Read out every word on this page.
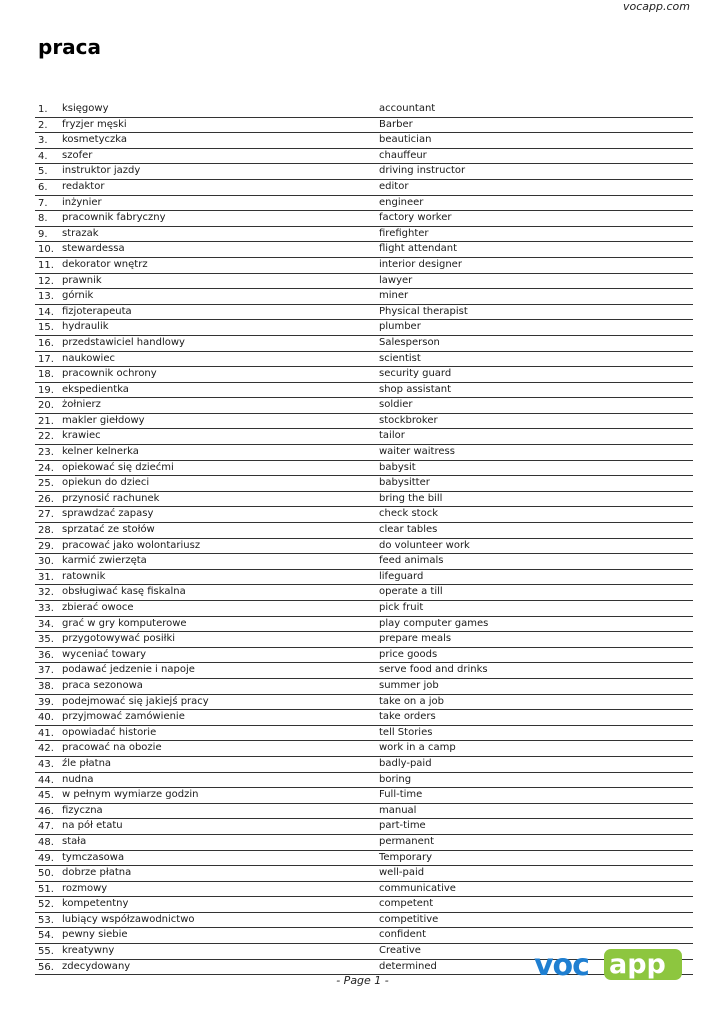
vocapp.com
praca
1. księgowy	accountant
2. fryzjer męski	Barber
3. kosmetyczka	beautician
4. szofer	chauffeur
5. instruktor jazdy	driving instructor
6. redaktor	editor
7. inżynier	engineer
8. pracownik fabryczny	factory worker
9. strazak	firefighter
10. stewardessa	flight attendant
11. dekorator wnętrz	interior designer
12. prawnik	lawyer
13. górnik	miner
14. fizjoterapeuta	Physical therapist
15. hydraulik	plumber
16. przedstawiciel handlowy	Salesperson
17. naukowiec	scientist
18. pracownik ochrony	security guard
19. ekspedientka	shop assistant
20. żołnierz	soldier
21. makler giełdowy	stockbroker
22. krawiec	tailor
23. kelner kelnerka	waiter waitress
24. opiekować się dziećmi	babysit
25. opiekun do dzieci	babysitter
26. przynosić rachunek	bring the bill
27. sprawdzać zapasy	check stock
28. sprzatać ze stołów	clear tables
29. pracować jako wolontariusz	do volunteer work
30. karmić zwierzęta	feed animals
31. ratownik	lifeguard
32. obsługiwać kasę fiskalna	operate a till
33. zbierać owoce	pick fruit
34. grać w gry komputerowe	play computer games
35. przygotowywać posiłki	prepare meals
36. wyceniać towary	price goods
37. podawać jedzenie i napoje	serve food and drinks
38. praca sezonowa	summer job
39. podejmować się jakiejś pracy	take on a job
40. przyjmować zamówienie	take orders
41. opowiadać historie	tell Stories
42. pracować na obozie	work in a camp
43. źle płatna	badly-paid
44. nudna	boring
45. w pełnym wymiarze godzin	Full-time
46. fizyczna	manual
47. na pół etatu	part-time
48. stała	permanent
49. tymczasowa	Temporary
50. dobrze płatna	well-paid
51. rozmowy	communicative
52. kompetentny	competent
53. lubiący współzawodnictwo	competitive
54. pewny siebie	confident
55. kreatywny	Creative
56. zdecydowany	determined	voc app
- Page 1 -
